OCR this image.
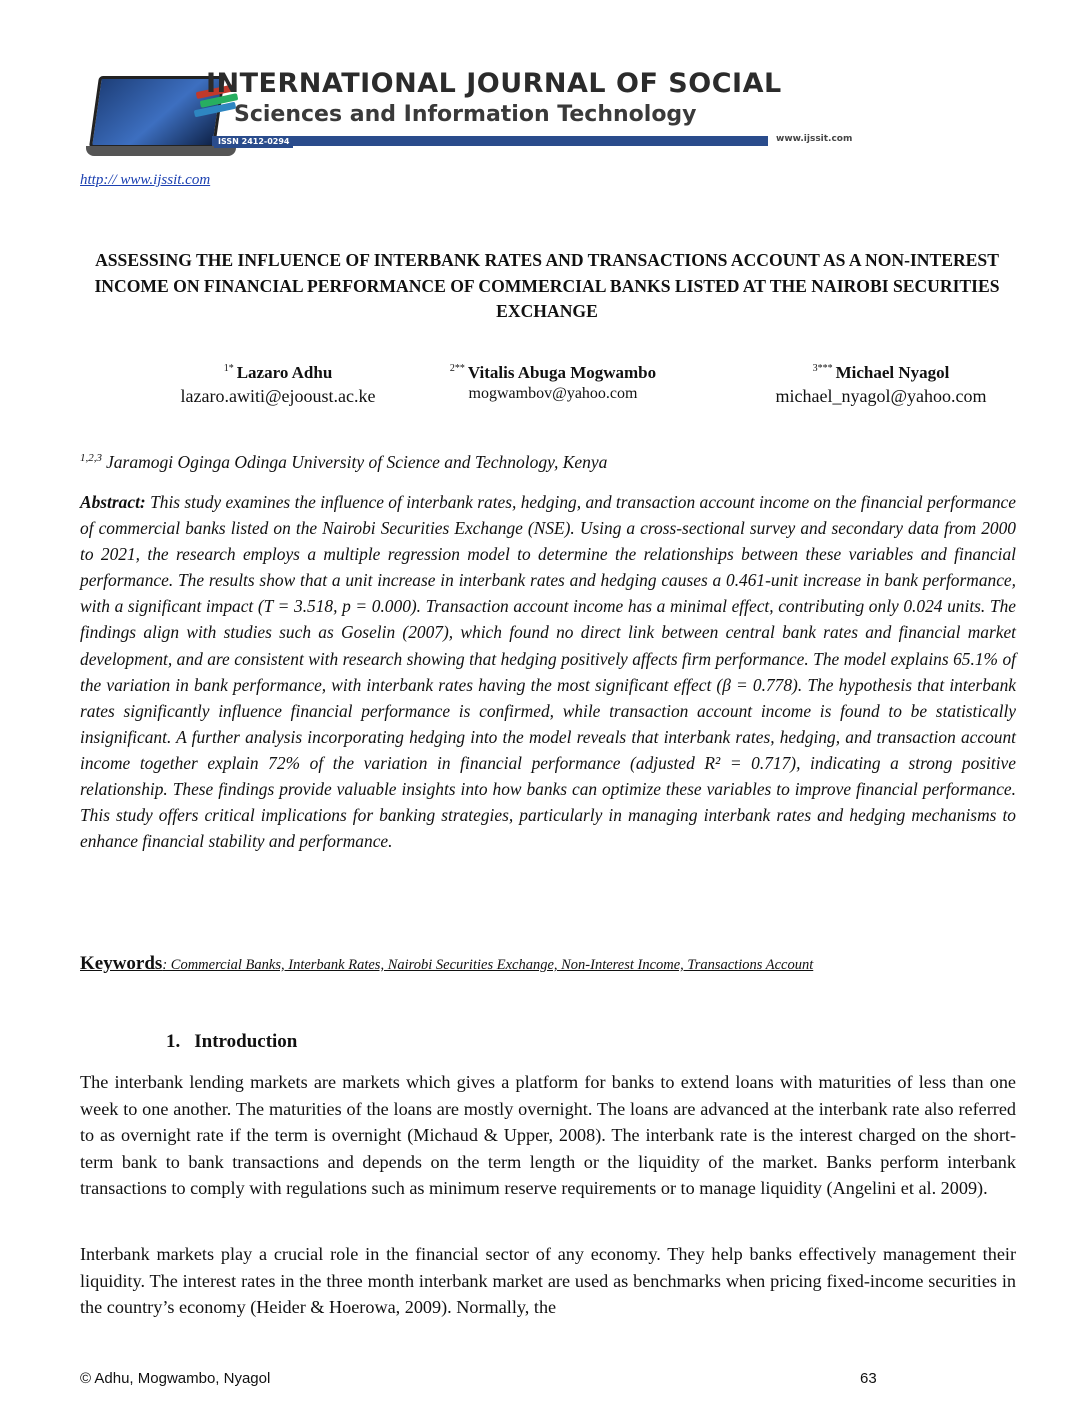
INTERNATIONAL JOURNAL OF SOCIAL
Sciences and Information Technology
ISSN 2412-0294	www.ijssit.com
http:// www.ijssit.com
ASSESSING THE INFLUENCE OF INTERBANK RATES AND TRANSACTIONS ACCOUNT AS A NON-INTEREST INCOME ON FINANCIAL PERFORMANCE OF COMMERCIAL BANKS LISTED AT THE NAIROBI SECURITIES EXCHANGE
$^{1*}$ Lazaro Adhu
lazaro.awiti@ejooust.ac.ke
$^{2**}$ Vitalis Abuga Mogwambo
mogwambov@yahoo.com
$^{3***}$ Michael Nyagol
michael_nyagol@yahoo.com
$^{1,2,3}$ Jaramogi Oginga Odinga University of Science and Technology, Kenya

Abstract: This study examines the influence of interbank rates, hedging, and transaction account income on the financial performance of commercial banks listed on the Nairobi Securities Exchange (NSE). Using a cross-sectional survey and secondary data from 2000 to 2021, the research employs a multiple regression model to determine the relationships between these variables and financial performance. The results show that a unit increase in interbank rates and hedging causes a 0.461-unit increase in bank performance, with a significant impact (T = 3.518, p = 0.000). Transaction account income has a minimal effect, contributing only 0.024 units. The findings align with studies such as Goselin (2007), which found no direct link between central bank rates and financial market development, and are consistent with research showing that hedging positively affects firm performance. The model explains 65.1% of the variation in bank performance, with interbank rates having the most significant effect (β = 0.778). The hypothesis that interbank rates significantly influence financial performance is confirmed, while transaction account income is found to be statistically insignificant. A further analysis incorporating hedging into the model reveals that interbank rates, hedging, and transaction account income together explain 72% of the variation in financial performance (adjusted R² = 0.717), indicating a strong positive relationship. These findings provide valuable insights into how banks can optimize these variables to improve financial performance. This study offers critical implications for banking strategies, particularly in managing interbank rates and hedging mechanisms to enhance financial stability and performance.

Keywords: Commercial Banks, Interbank Rates, Nairobi Securities Exchange, Non-Interest Income, Transactions Account
1. Introduction

The interbank lending markets are markets which gives a platform for banks to extend loans with maturities of less than one week to one another. The maturities of the loans are mostly overnight. The loans are advanced at the interbank rate also referred to as overnight rate if the term is overnight (Michaud & Upper, 2008). The interbank rate is the interest charged on the short-term bank to bank transactions and depends on the term length or the liquidity of the market. Banks perform interbank transactions to comply with regulations such as minimum reserve requirements or to manage liquidity (Angelini et al. 2009).

Interbank markets play a crucial role in the financial sector of any economy. They help banks effectively management their liquidity. The interest rates in the three month interbank market are used as benchmarks when pricing fixed-income securities in the country’s economy (Heider & Hoerowa, 2009). Normally, the

© Adhu, Mogwambo, Nyagol	63
